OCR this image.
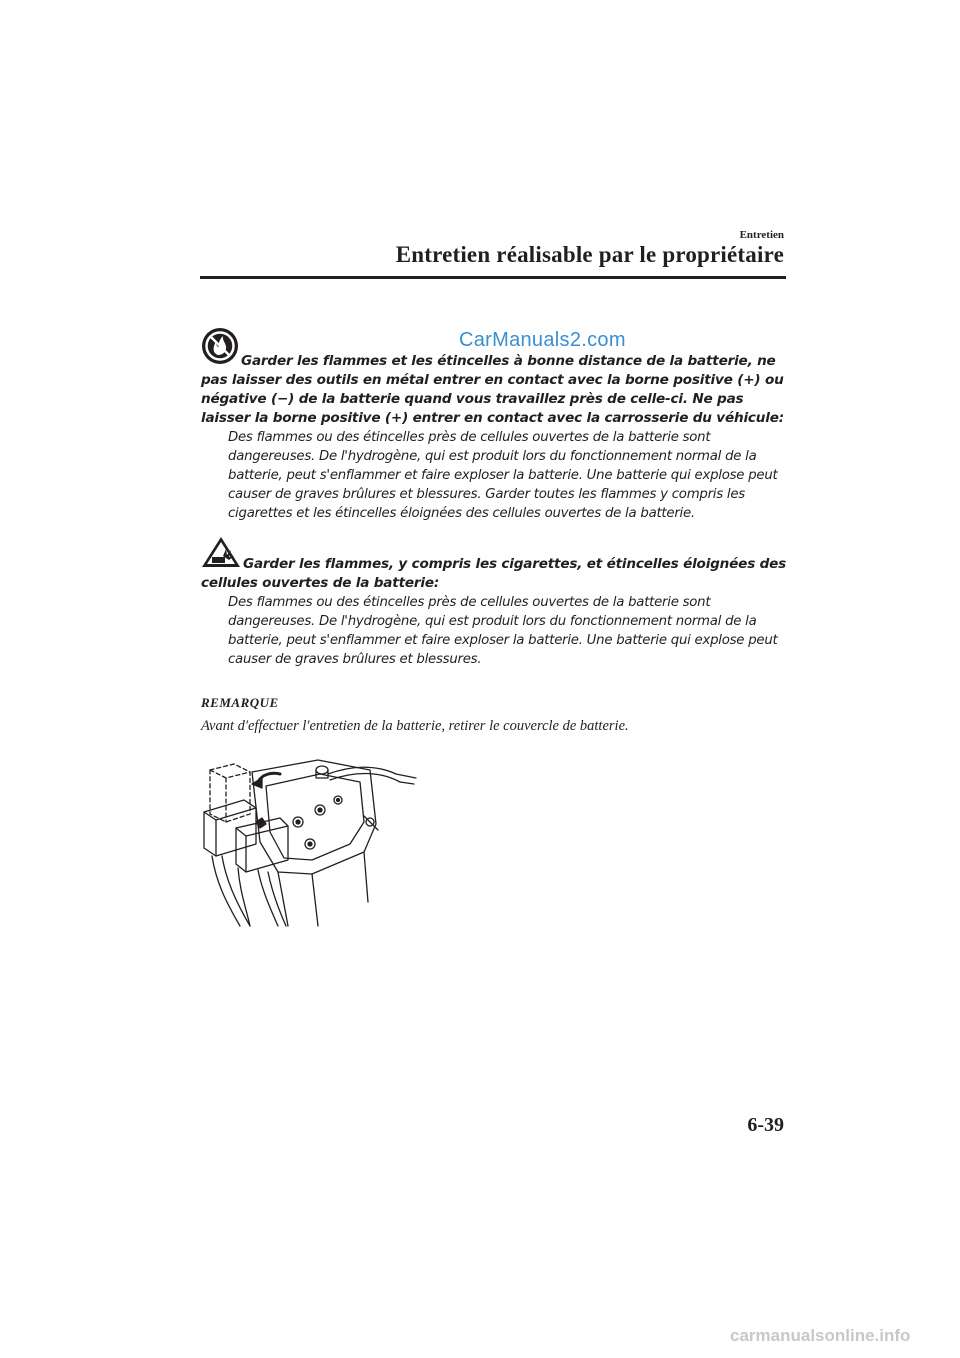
Entretien
Entretien réalisable par le propriétaire
CarManuals2.com
Garder les flammes et les étincelles à bonne distance de la batterie, ne pas laisser des outils en métal entrer en contact avec la borne positive (+) ou négative (−) de la batterie quand vous travaillez près de celle-ci. Ne pas laisser la borne positive (+) entrer en contact avec la carrosserie du véhicule:

Des flammes ou des étincelles près de cellules ouvertes de la batterie sont dangereuses. De l'hydrogène, qui est produit lors du fonctionnement normal de la batterie, peut s'enflammer et faire exploser la batterie. Une batterie qui explose peut causer de graves brûlures et blessures. Garder toutes les flammes y compris les cigarettes et les étincelles éloignées des cellules ouvertes de la batterie.

Garder les flammes, y compris les cigarettes, et étincelles éloignées des cellules ouvertes de la batterie:

Des flammes ou des étincelles près de cellules ouvertes de la batterie sont dangereuses. De l'hydrogène, qui est produit lors du fonctionnement normal de la batterie, peut s'enflammer et faire exploser la batterie. Une batterie qui explose peut causer de graves brûlures et blessures.

REMARQUE
Avant d'effectuer l'entretien de la batterie, retirer le couvercle de batterie.
6-39
carmanualsonline.info
